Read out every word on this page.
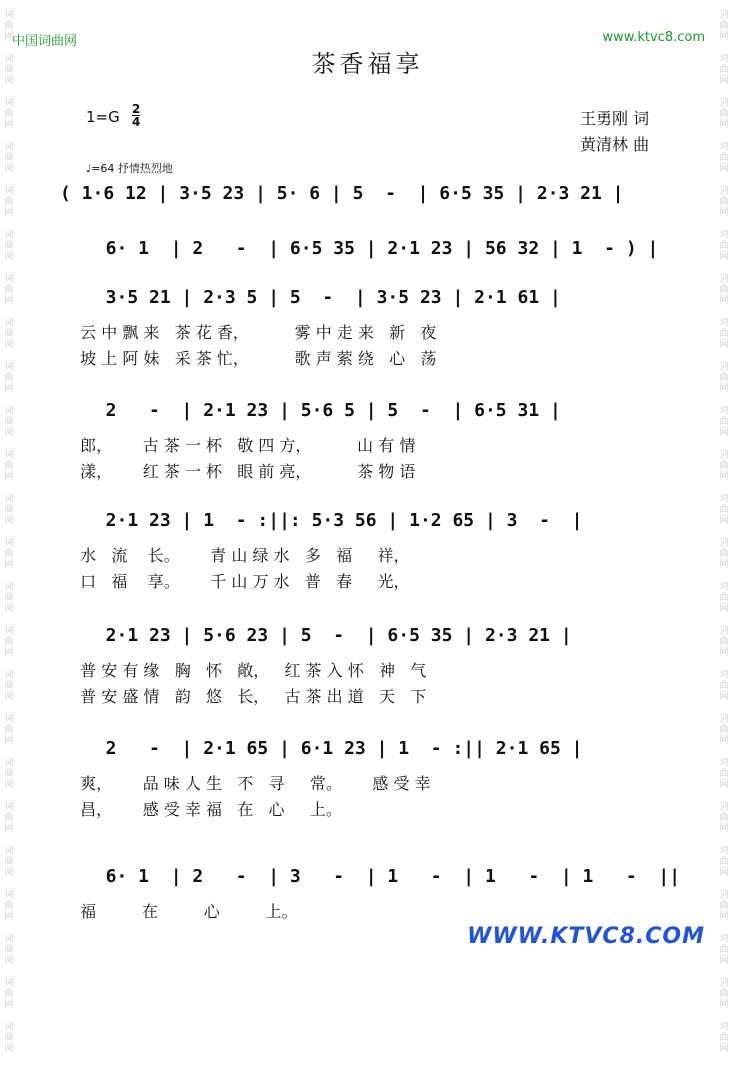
词
曲
网

词
曲
网

词
曲
网

词
曲
网

词
曲
网

词
曲
网

词
曲
网

词
曲
网

词
曲
网

词
曲
网

词
曲
网

词
曲
网

词
曲
网

词
曲
网

词
曲
网

词
曲
网

词
曲
网

词
曲
网

词
曲
网

词
曲
网

词
曲
网

词
曲
网

词
曲
网

词
曲
网

词
曲
网

词
曲
网

词
曲
网

词
曲
网

词
曲
网

词
曲
网

词
曲
网

词
曲
网

词
曲
网

词
曲
网

词
曲
网

词
曲
网

词
曲
网

词
曲
网

词
曲
网

词
曲
网

词
曲
网

词
曲
网

词
曲
网

词
曲
网

词
曲
网

词
曲
网

词
曲
网

词
曲
网

中国词曲网	www.ktvc8.com
茶香福享
1=G 2
4	王勇刚 词
黄清林 曲
♩=64 抒情热烈地
( 1·6 12 | 3·5 23 | 5· 6 | 5  -  | 6·5 35 | 2·3 21 |
6· 1  | 2   -  | 6·5 35 | 2·1 23 | 56 32 | 1  - ) |
3·5 21 | 2·3 5 | 5  -  | 3·5 23 | 2·1 61 |
云 中 飘 来   茶 花 香，         雾 中 走 来   新   夜
坡 上 阿 妹   采 茶 忙，         歌 声 萦 绕   心   荡
2   -  | 2·1 23 | 5·6 5 | 5  -  | 6·5 31 |
郎，      古 茶 一 杯   敬 四 方，         山 有 情
漾，      红 茶 一 杯   眼 前 亮，         茶 物 语
2·1 23 | 1  - :||: 5·3 56 | 1·2 65 | 3  -  |
水   流    长。      青 山 绿 水   多   福     祥，
口   福    享。      千 山 万 水   普   春     光，
2·1 23 | 5·6 23 | 5  -  | 6·5 35 | 2·3 21 |
普 安 有 缘   胸   怀   敞，   红 茶 入 怀   神   气
普 安 盛 情   韵   悠   长，   古 茶 出 道   天   下
2   -  | 2·1 65 | 6·1 23 | 1  - :|| 2·1 65 |
爽，      品 味 人 生   不   寻     常。      感 受 幸
昌，      感 受 幸 福   在   心     上。
6· 1  | 2   -  | 3   -  | 1   -  | 1   -  | 1   -  ||
福         在         心         上。
WWW.KTVC8.COM
